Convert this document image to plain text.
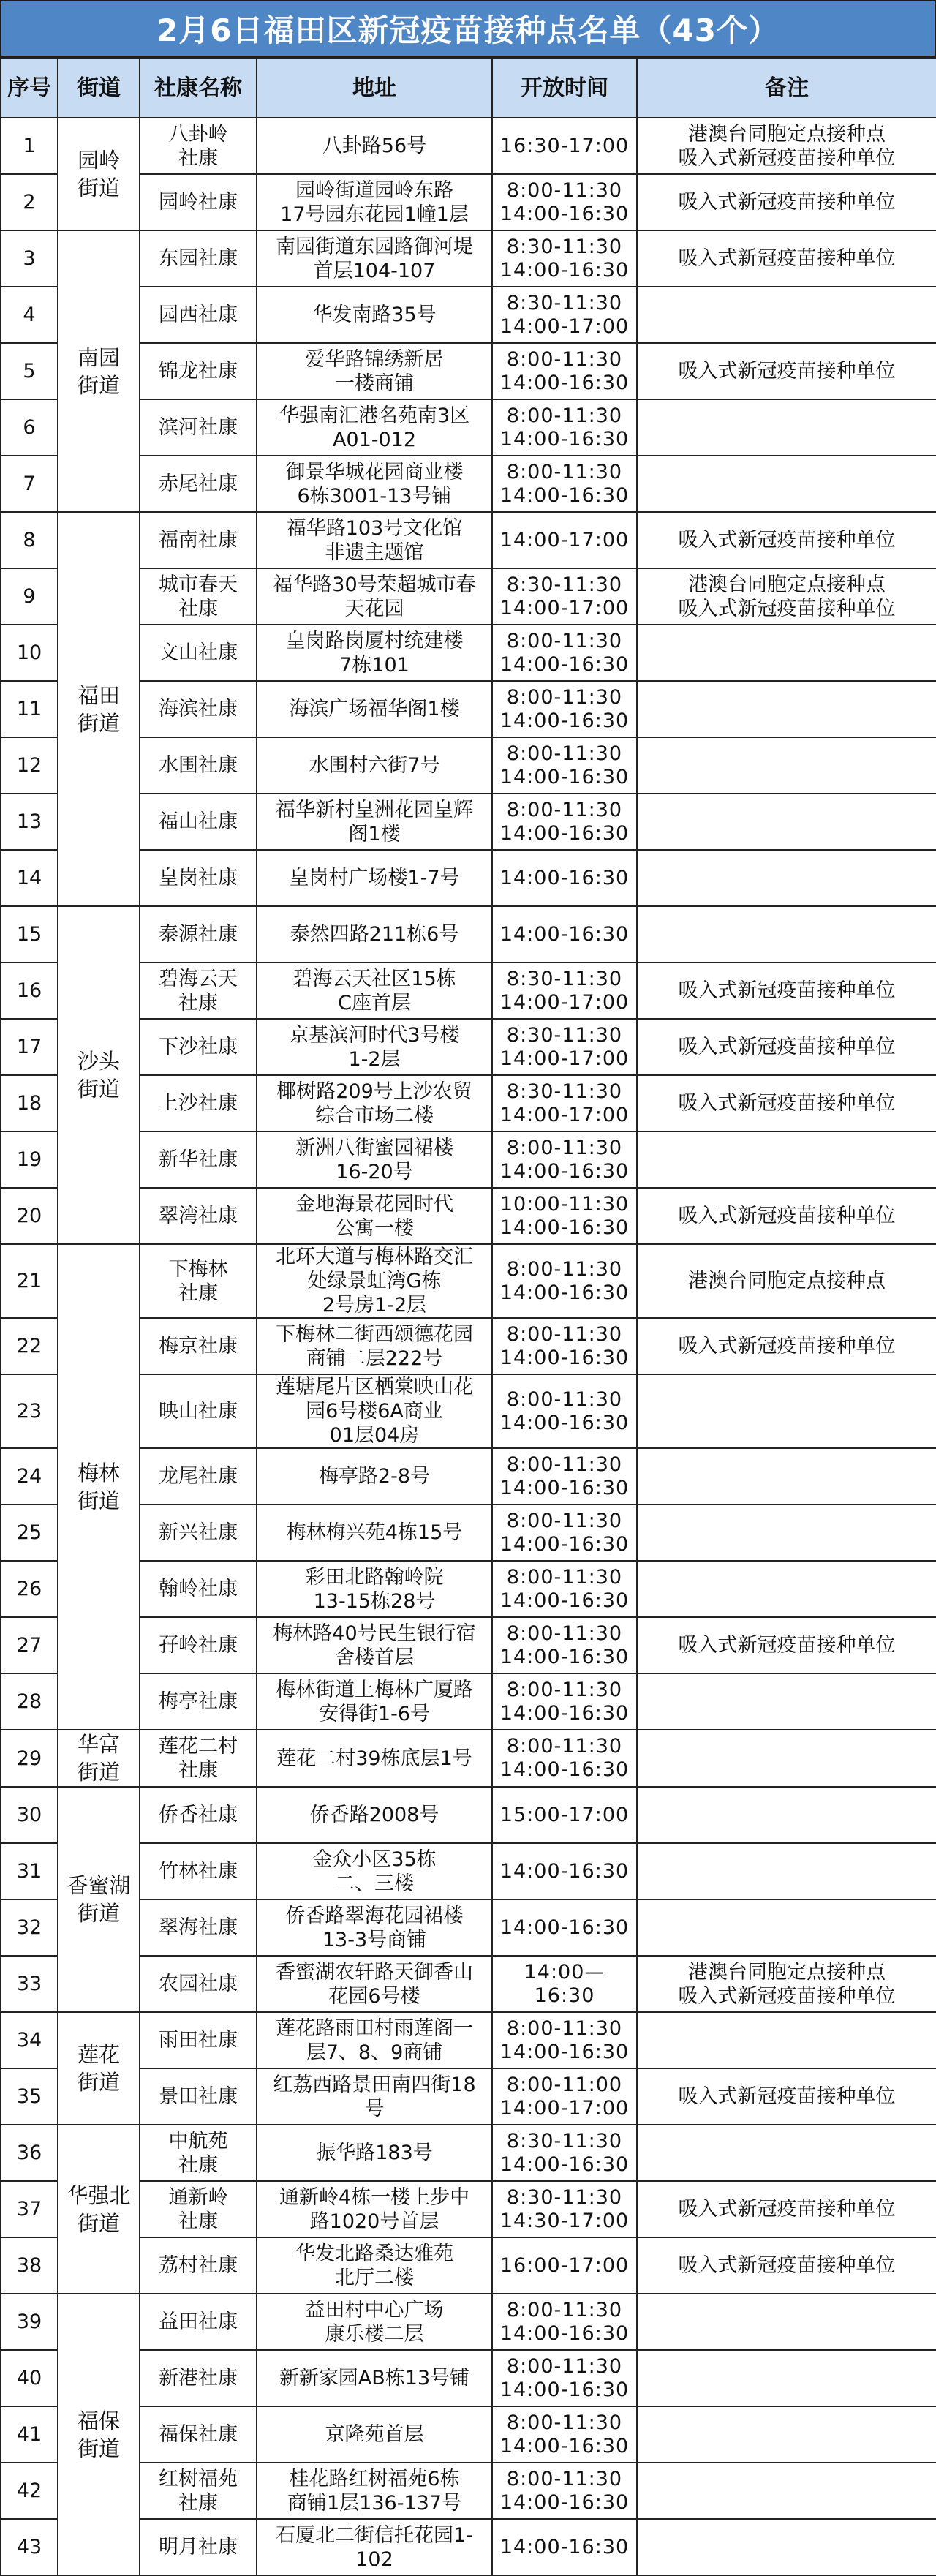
2月6日福田区新冠疫苗接种点名单（43个）
序号	街道	社康名称	地址	开放时间	备注

1	园岭
街道	八卦岭
社康	八卦路56号	16:30-17:00	港澳台同胞定点接种点
吸入式新冠疫苗接种单位

2		园岭社康	园岭街道园岭东路
17号园东花园1幢1层	8:00-11:30
14:00-16:30	吸入式新冠疫苗接种单位

3	南园
街道	东园社康	南园街道东园路御河堤
首层104-107	8:30-11:30
14:00-16:30	吸入式新冠疫苗接种单位

4		园西社康	华发南路35号	8:30-11:30
14:00-17:00	

5		锦龙社康	爱华路锦绣新居
一楼商铺	8:00-11:30
14:00-16:30	吸入式新冠疫苗接种单位

6		滨河社康	华强南汇港名苑南3区
A01-012	8:00-11:30
14:00-16:30	

7		赤尾社康	御景华城花园商业楼
6栋3001-13号铺	8:00-11:30
14:00-16:30	

8	福田
街道	福南社康	福华路103号文化馆
非遗主题馆	14:00-17:00	吸入式新冠疫苗接种单位

9		城市春天
社康	福华路30号荣超城市春
天花园	8:30-11:30
14:00-17:00	港澳台同胞定点接种点
吸入式新冠疫苗接种单位

10		文山社康	皇岗路岗厦村统建楼
7栋101	8:00-11:30
14:00-16:30	

11		海滨社康	海滨广场福华阁1楼	8:00-11:30
14:00-16:30	

12		水围社康	水围村六街7号	8:00-11:30
14:00-16:30	

13		福山社康	福华新村皇洲花园皇辉
阁1楼	8:00-11:30
14:00-16:30	

14		皇岗社康	皇岗村广场楼1-7号	14:00-16:30	

15	沙头
街道	泰源社康	泰然四路211栋6号	14:00-16:30	

16		碧海云天
社康	碧海云天社区15栋
C座首层	8:30-11:30
14:00-17:00	吸入式新冠疫苗接种单位

17		下沙社康	京基滨河时代3号楼
1-2层	8:30-11:30
14:00-17:00	吸入式新冠疫苗接种单位

18		上沙社康	椰树路209号上沙农贸
综合市场二楼	8:30-11:30
14:00-17:00	吸入式新冠疫苗接种单位

19		新华社康	新洲八街蜜园裙楼
16-20号	8:00-11:30
14:00-16:30	

20		翠湾社康	金地海景花园时代
公寓一楼	10:00-11:30
14:00-16:30	吸入式新冠疫苗接种单位

21	梅林
街道	下梅林
社康	北环大道与梅林路交汇
处绿景虹湾G栋
2号房1-2层	8:00-11:30
14:00-16:30	港澳台同胞定点接种点

22		梅京社康	下梅林二街西颂德花园
商铺二层222号	8:00-11:30
14:00-16:30	吸入式新冠疫苗接种单位

23		映山社康	莲塘尾片区栖棠映山花
园6号楼6A商业
01层04房	8:00-11:30
14:00-16:30	

24		龙尾社康	梅亭路2-8号	8:00-11:30
14:00-16:30	

25		新兴社康	梅林梅兴苑4栋15号	8:00-11:30
14:00-16:30	

26		翰岭社康	彩田北路翰岭院
13-15栋28号	8:00-11:30
14:00-16:30	

27		孖岭社康	梅林路40号民生银行宿
舍楼首层	8:00-11:30
14:00-16:30	吸入式新冠疫苗接种单位

28		梅亭社康	梅林街道上梅林广厦路
安得街1-6号	8:00-11:30
14:00-16:30	

29	华富
街道	莲花二村
社康	莲花二村39栋底层1号	8:00-11:30
14:00-16:30	

30	香蜜湖
街道	侨香社康	侨香路2008号	15:00-17:00	

31		竹林社康	金众小区35栋
二、三楼	14:00-16:30	

32		翠海社康	侨香路翠海花园裙楼
13-3号商铺	14:00-16:30	

33		农园社康	香蜜湖农轩路天御香山
花园6号楼	14:00—16:30	港澳台同胞定点接种点
吸入式新冠疫苗接种单位

34	莲花
街道	雨田社康	莲花路雨田村雨莲阁一
层7、8、9商铺	8:00-11:30
14:00-16:30	

35		景田社康	红荔西路景田南四街18
号	8:00-11:00
14:00-17:00	吸入式新冠疫苗接种单位

36	华强北
街道	中航苑
社康	振华路183号	8:30-11:30
14:00-16:30	

37		通新岭
社康	通新岭4栋一楼上步中
路1020号首层	8:30-11:30
14:30-17:00	吸入式新冠疫苗接种单位

38		荔村社康	华发北路桑达雅苑
北厅二楼	16:00-17:00	吸入式新冠疫苗接种单位

39	福保
街道	益田社康	益田村中心广场
康乐楼二层	8:00-11:30
14:00-16:30	

40		新港社康	新新家园AB栋13号铺	8:00-11:30
14:00-16:30	

41		福保社康	京隆苑首层	8:00-11:30
14:00-16:30	

42		红树福苑
社康	桂花路红树福苑6栋
商铺1层136-137号	8:00-11:30
14:00-16:30	

43		明月社康	石厦北二街信托花园1-
102	14:00-16:30	
